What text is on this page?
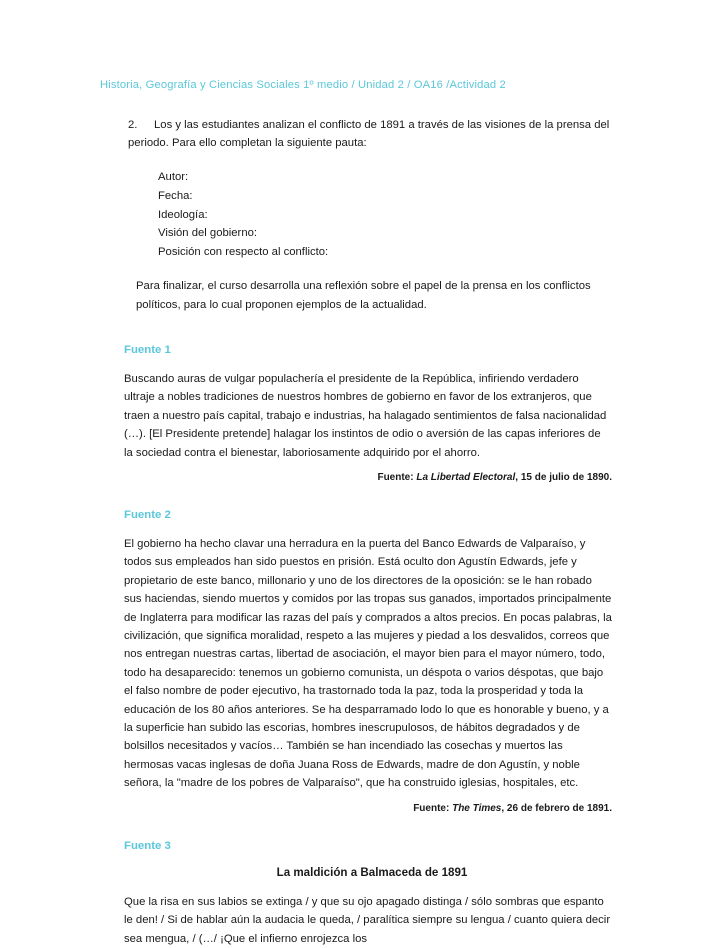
Historia, Geografía y Ciencias Sociales 1º medio / Unidad 2 / OA16 /Actividad 2

2. Los y las estudiantes analizan el conflicto de 1891 a través de las visiones de la prensa del periodo. Para ello completan la siguiente pauta:

Autor:
Fecha:
Ideología:
Visión del gobierno:
Posición con respecto al conflicto:

Para finalizar, el curso desarrolla una reflexión sobre el papel de la prensa en los conflictos políticos, para lo cual proponen ejemplos de la actualidad.

Fuente 1

Buscando auras de vulgar populachería el presidente de la República, infiriendo verdadero ultraje a nobles tradiciones de nuestros hombres de gobierno en favor de los extranjeros, que traen a nuestro país capital, trabajo e industrias, ha halagado sentimientos de falsa nacionalidad (…). [El Presidente pretende] halagar los instintos de odio o aversión de las capas inferiores de la sociedad contra el bienestar, laboriosamente adquirido por el ahorro.

Fuente: La Libertad Electoral, 15 de julio de 1890.

Fuente 2

El gobierno ha hecho clavar una herradura en la puerta del Banco Edwards de Valparaíso, y todos sus empleados han sido puestos en prisión. Está oculto don Agustín Edwards, jefe y propietario de este banco, millonario y uno de los directores de la oposición: se le han robado sus haciendas, siendo muertos y comidos por las tropas sus ganados, importados principalmente de Inglaterra para modificar las razas del país y comprados a altos precios. En pocas palabras, la civilización, que significa moralidad, respeto a las mujeres y piedad a los desvalidos, correos que nos entregan nuestras cartas, libertad de asociación, el mayor bien para el mayor número, todo, todo ha desaparecido: tenemos un gobierno comunista, un déspota o varios déspotas, que bajo el falso nombre de poder ejecutivo, ha trastornado toda la paz, toda la prosperidad y toda la educación de los 80 años anteriores. Se ha desparramado lodo lo que es honorable y bueno, y a la superficie han subido las escorias, hombres inescrupulosos, de hábitos degradados y de bolsillos necesitados y vacíos… También se han incendiado las cosechas y muertos las hermosas vacas inglesas de doña Juana Ross de Edwards, madre de don Agustín, y noble señora, la "madre de los pobres de Valparaíso", que ha construido iglesias, hospitales, etc.

Fuente: The Times, 26 de febrero de 1891.

Fuente 3
La maldición a Balmaceda de 1891

Que la risa en sus labios se extinga / y que su ojo apagado distinga / sólo sombras que espanto le den! / Si de hablar aún la audacia le queda, / paralítica siempre su lengua / cuanto quiera decir sea mengua, / (…/ ¡Que el infierno enrojezca los
